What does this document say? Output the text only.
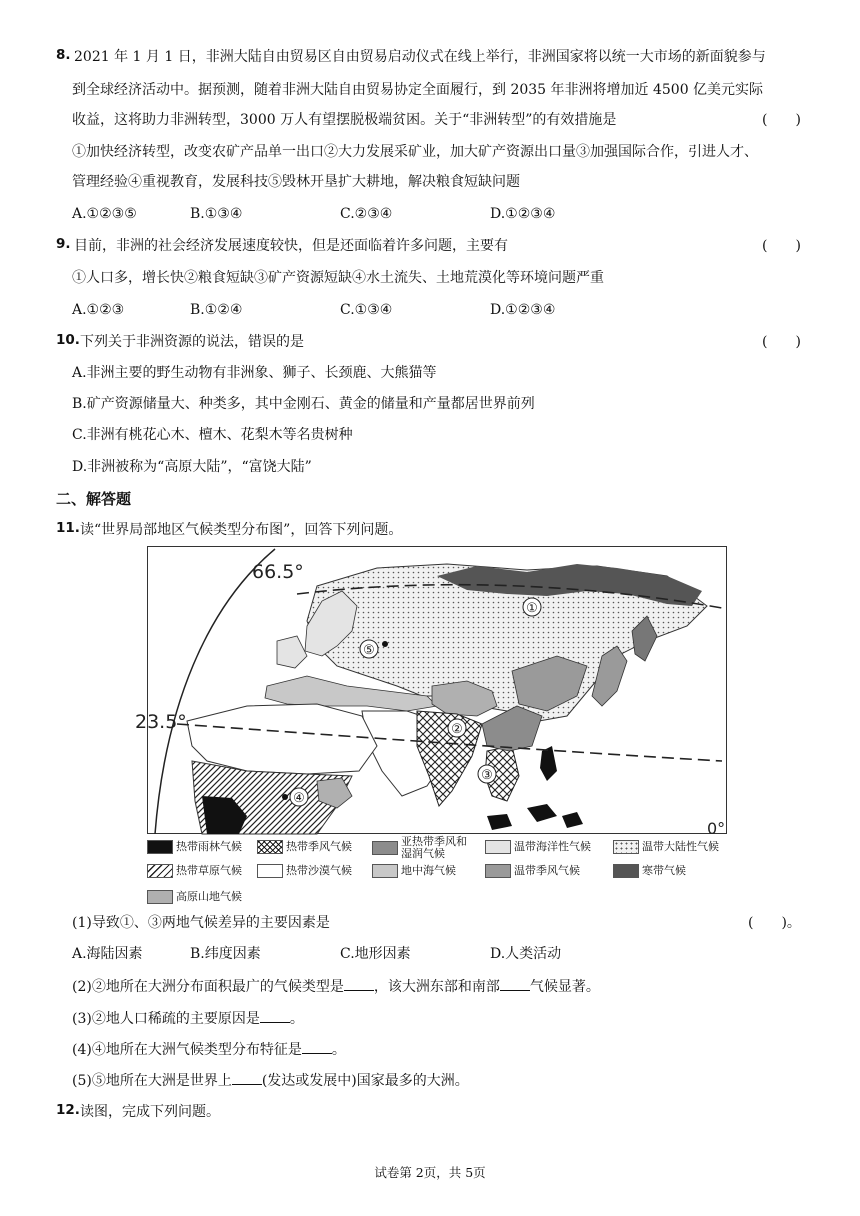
8. 2021 年 1 月 1 日，非洲大陆自由贸易区自由贸易启动仪式在线上举行，非洲国家将以统一大市场的新面貌参与
到全球经济活动中。据预测，随着非洲大陆自由贸易协定全面履行，到 2035 年非洲将增加近 4500 亿美元实际
收益，这将助力非洲转型，3000 万人有望摆脱极端贫困。关于“非洲转型”的有效措施是	(　　)
①加快经济转型，改变农矿产品单一出口②大力发展采矿业，加大矿产资源出口量③加强国际合作，引进人才、
管理经验④重视教育，发展科技⑤毁林开垦扩大耕地，解决粮食短缺问题
A.①②③⑤	B.①③④	C.②③④	D.①②③④
9. 目前，非洲的社会经济发展速度较快，但是还面临着许多问题，主要有	(　　)
①人口多，增长快②粮食短缺③矿产资源短缺④水土流失、土地荒漠化等环境问题严重
A.①②③	B.①②④	C.①③④	D.①②③④
10. 下列关于非洲资源的说法，错误的是	(　　)
A.非洲主要的野生动物有非洲象、狮子、长颈鹿、大熊猫等
B.矿产资源储量大、种类多，其中金刚石、黄金的储量和产量都居世界前列
C.非洲有桃花心木、檀木、花梨木等名贵树种
D.非洲被称为“高原大陆”，“富饶大陆”
二、解答题
11. 读“世界局部地区气候类型分布图”，回答下列问题。
66.5°
23.5°
0°
①
②
③
④
⑤
热带雨林气候	热带季风气候	亚热带季风和湿润气候
温带海洋性气候	温带大陆性气候
热带草原气候	热带沙漠气候	地中海气候	温带季风气候	寒带气候
高原山地气候
(1)导致①、③两地气候差异的主要因素是	(　　)。
A.海陆因素	B.纬度因素	C.地形因素	D.人类活动
(2)②地所在大洲分布面积最广的气候类型是 ，该大洲东部和南部 气候显著。
(3)②地人口稀疏的主要原因是 。
(4)④地所在大洲气候类型分布特征是 。
(5)⑤地所在大洲是世界上 (发达或发展中)国家最多的大洲。
12. 读图，完成下列问题。
试卷第 2页，共 5页
